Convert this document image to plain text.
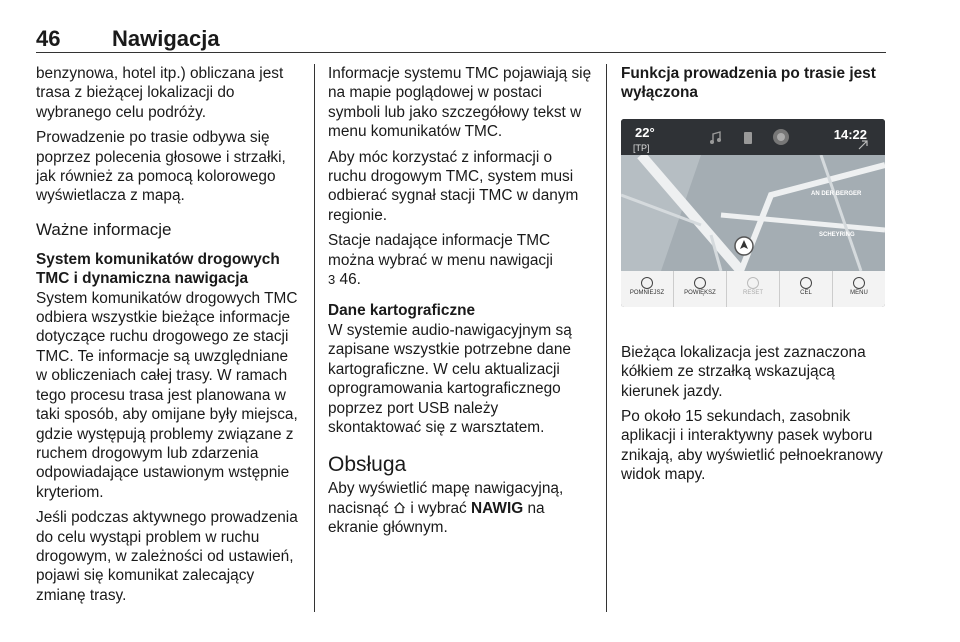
46 Nawigacja

benzynowa, hotel itp.) obliczana jest trasa z bieżącej lokalizacji do wybranego celu podróży.

Prowadzenie po trasie odbywa się poprzez polecenia głosowe i strzałki, jak również za pomocą kolorowego wyświetlacza z mapą.

Ważne informacje
System komunikatów drogowych TMC i dynamiczna nawigacja

System komunikatów drogowych TMC odbiera wszystkie bieżące informacje dotyczące ruchu drogowego ze stacji TMC. Te informacje są uwzględniane w obliczeniach całej trasy. W ramach tego procesu trasa jest planowana w taki sposób, aby omijane były miejsca, gdzie występują problemy związane z ruchem drogowym lub zdarzenia odpowiadające ustawionym wstępnie kryteriom.

Jeśli podczas aktywnego prowadzenia do celu wystąpi problem w ruchu drogowym, w zależności od ustawień, pojawi się komunikat zalecający zmianę trasy.

Informacje systemu TMC pojawiają się na mapie poglądowej w postaci symboli lub jako szczegółowy tekst w menu komunikatów TMC.

Aby móc korzystać z informacji o ruchu drogowym TMC, system musi odbierać sygnał stacji TMC w danym regionie.

Stacje nadające informacje TMC można wybrać w menu nawigacji
3 46.

Dane kartograficzne

W systemie audio-nawigacyjnym są zapisane wszystkie potrzebne dane kartograficzne. W celu aktualizacji oprogramowania kartograficznego poprzez port USB należy skontaktować się z warsztatem.

Obsługa

Aby wyświetlić mapę nawigacyjną, nacisnąć i wybrać NAWIG na ekranie głównym.

Funkcja prowadzenia po trasie jest wyłączona
22°
[TP]
14:22
AN DER BERGER
SCHEYRING
POMNIEJSZ	POWIĘKSZ	RESET	CEL	MENU

Bieżąca lokalizacja jest zaznaczona kółkiem ze strzałką wskazującą kierunek jazdy.

Po około 15 sekundach, zasobnik aplikacji i interaktywny pasek wyboru znikają, aby wyświetlić pełnoekranowy widok mapy.
